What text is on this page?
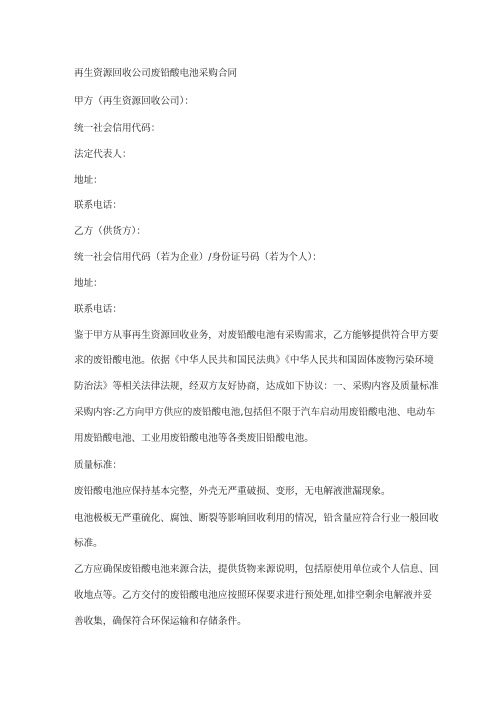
再生资源回收公司废铅酸电池采购合同
甲方（再生资源回收公司）：
统一社会信用代码：
法定代表人：
地址：
联系电话：
乙方（供货方）：
统一社会信用代码（若为企业）/身份证号码（若为个人）：
地址：
联系电话：
鉴于甲方从事再生资源回收业务，对废铅酸电池有采购需求，乙方能够提供符合甲方要
求的废铅酸电池。依据《中华人民共和国民法典》《中华人民共和国固体废物污染环境
防治法》等相关法律法规，经双方友好协商，达成如下协议：一、采购内容及质量标准
采购内容:乙方向甲方供应的废铅酸电池,包括但不限于汽车启动用废铅酸电池、电动车
用废铅酸电池、工业用废铅酸电池等各类废旧铅酸电池。
质量标准：
废铅酸电池应保持基本完整，外壳无严重破损、变形，无电解液泄漏现象。
电池极板无严重硫化、腐蚀、断裂等影响回收利用的情况，铅含量应符合行业一般回收
标准。
乙方应确保废铅酸电池来源合法，提供货物来源说明，包括原使用单位或个人信息、回
收地点等。乙方交付的废铅酸电池应按照环保要求进行预处理,如排空剩余电解液并妥
善收集，确保符合环保运输和存储条件。
